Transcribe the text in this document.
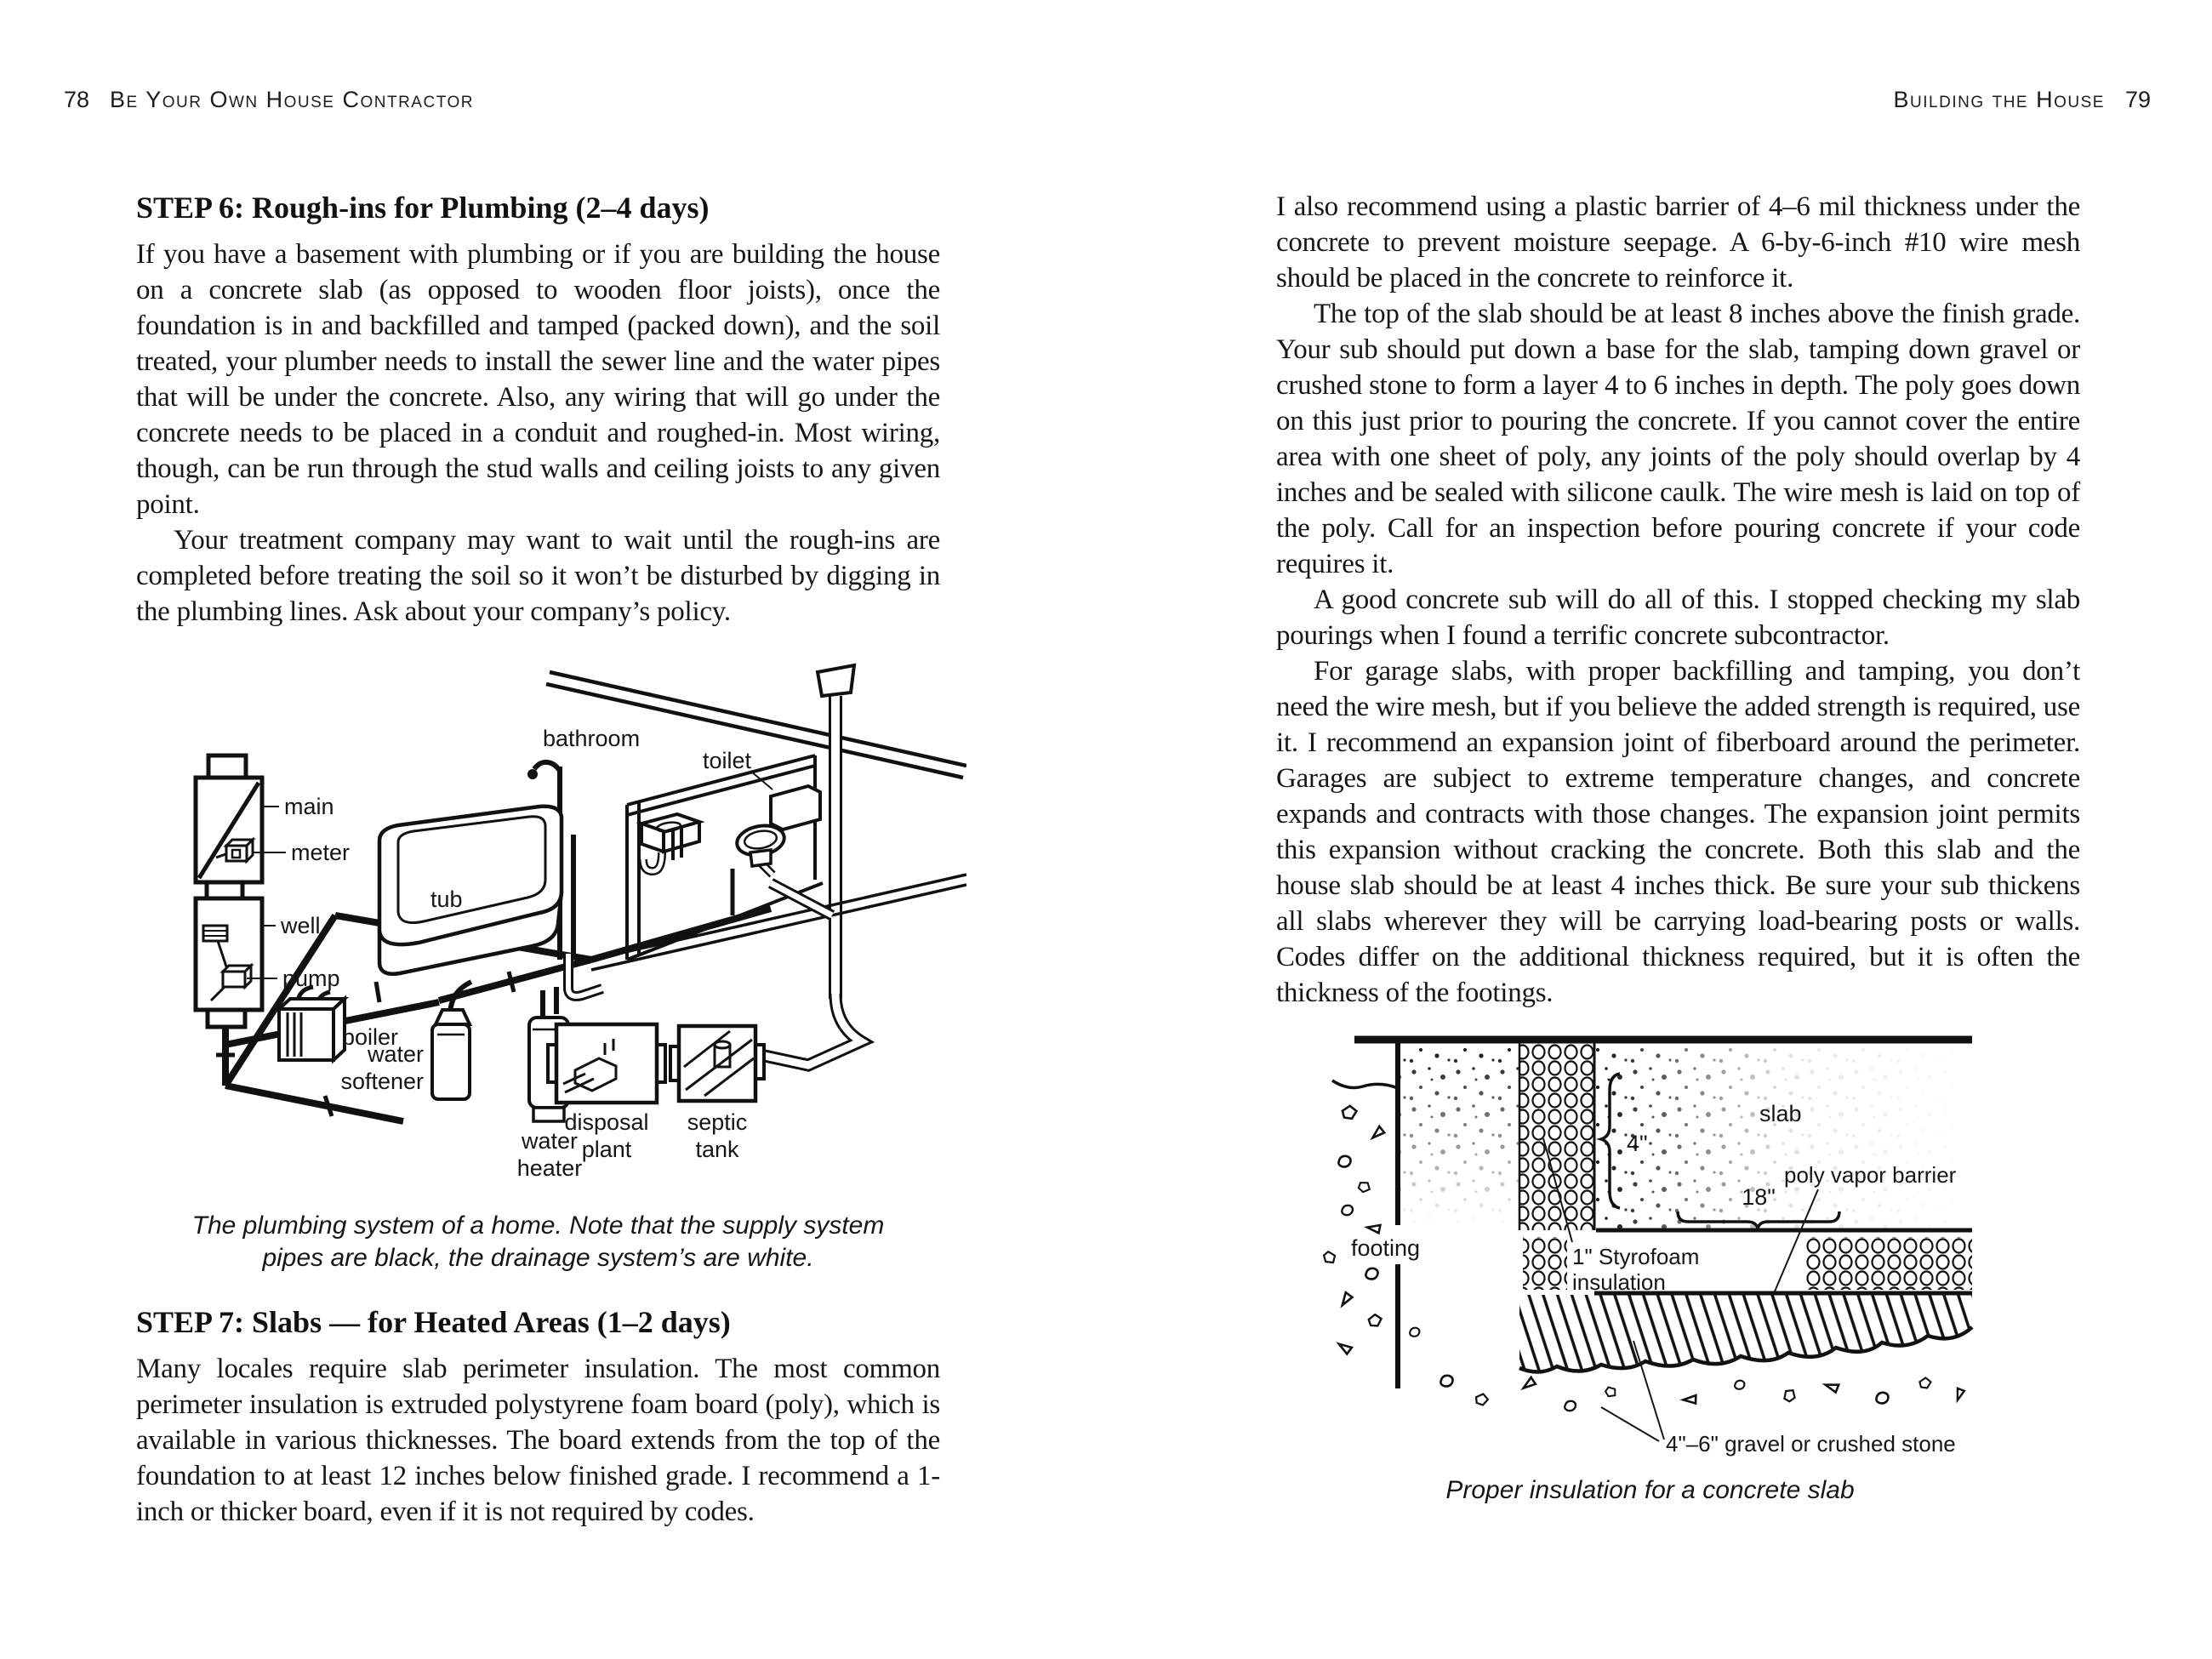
78 Be Your Own House Contractor	Building the House 79
STEP 6: Rough-ins for Plumbing (2–4 days)

If you have a basement with plumbing or if you are building the house on a concrete slab (as opposed to wooden floor joists), once the foundation is in and backfilled and tamped (packed down), and the soil treated, your plumber needs to install the sewer line and the water pipes that will be under the concrete. Also, any wiring that will go under the concrete needs to be placed in a conduit and roughed-in. Most wiring, though, can be run through the stud walls and ceiling joists to any given point.

Your treatment company may want to wait until the rough-ins are completed before treating the soil so it won’t be disturbed by digging in the plumbing lines. Ask about your company’s policy.

main
meter
well
pump
bathroom
toilet
tub
boiler
water
softener
water
heater
disposal
plant
septic
tank
The plumbing system of a home. Note that the supply system
pipes are black, the drainage system’s are white.
STEP 7: Slabs — for Heated Areas (1–2 days)

Many locales require slab perimeter insulation. The most common perimeter insulation is extruded polystyrene foam board (poly), which is available in various thicknesses. The board extends from the top of the foundation to at least 12 inches below finished grade. I recommend a 1-inch or thicker board, even if it is not required by codes.

I also recommend using a plastic barrier of 4–6 mil thickness under the concrete to prevent moisture seepage. A 6-by-6-inch #10 wire mesh should be placed in the concrete to reinforce it.

The top of the slab should be at least 8 inches above the finish grade. Your sub should put down a base for the slab, tamping down gravel or crushed stone to form a layer 4 to 6 inches in depth. The poly goes down on this just prior to pouring the concrete. If you cannot cover the entire area with one sheet of poly, any joints of the poly should overlap by 4 inches and be sealed with silicone caulk. The wire mesh is laid on top of the poly. Call for an inspection before pouring concrete if your code requires it.

A good concrete sub will do all of this. I stopped checking my slab pourings when I found a terrific concrete subcontractor.

For garage slabs, with proper backfilling and tamping, you don’t need the wire mesh, but if you believe the added strength is required, use it. I recommend an expansion joint of fiberboard around the perimeter. Garages are subject to extreme temperature changes, and concrete expands and contracts with those changes. The expansion joint permits this expansion without cracking the concrete. Both this slab and the house slab should be at least 4 inches thick. Be sure your sub thickens all slabs wherever they will be carrying load-bearing posts or walls. Codes differ on the additional thickness required, but it is often the thickness of the footings.

slab
4"
18"
poly vapor barrier
1" Styrofoam
insulation
footing
4"–6" gravel or crushed stone
Proper insulation for a concrete slab
